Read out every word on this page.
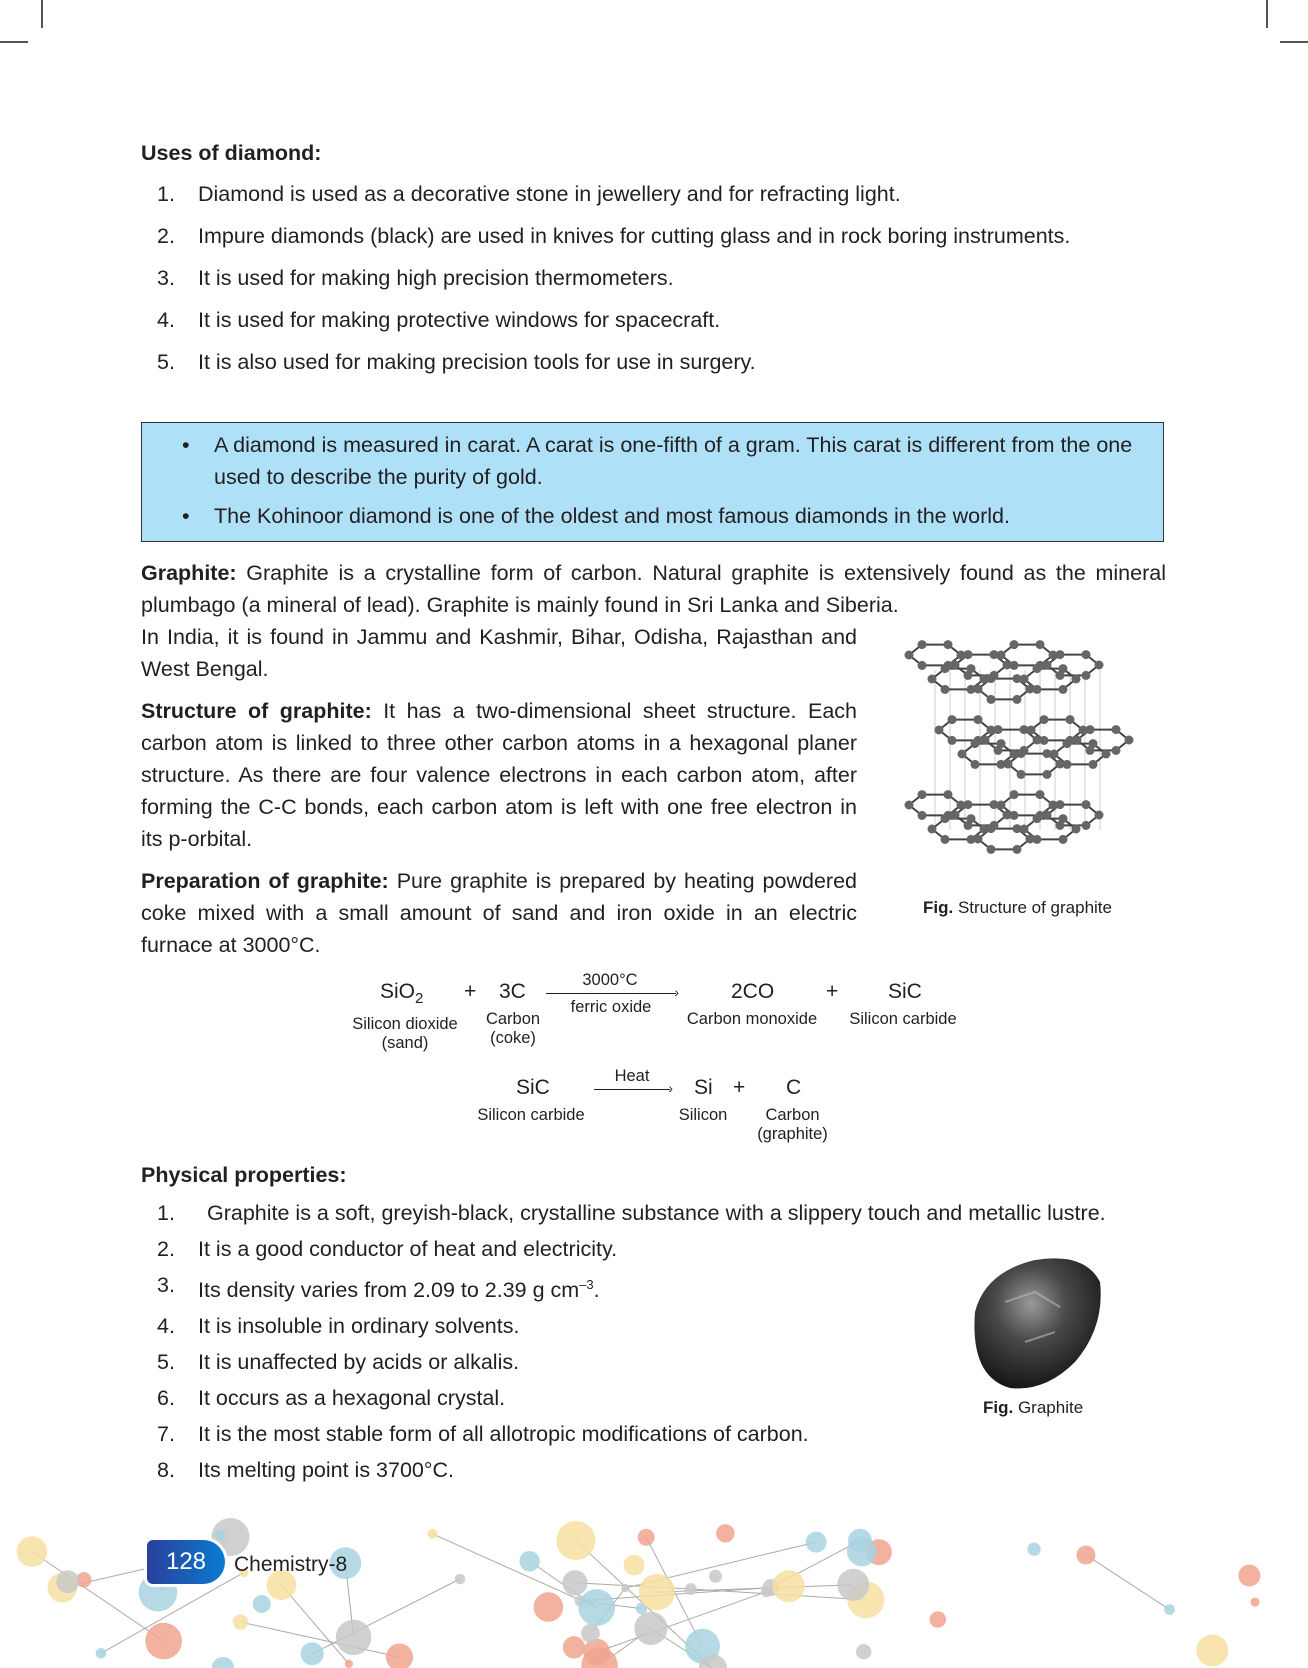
Uses of diamond:
1. Diamond is used as a decorative stone in jewellery and for refracting light.
2. Impure diamonds (black) are used in knives for cutting glass and in rock boring instruments.
3. It is used for making high precision thermometers.
4. It is used for making protective windows for spacecraft.
5. It is also used for making precision tools for use in surgery.
• A diamond is measured in carat. A carat is one-fifth of a gram. This carat is different from the one used to describe the purity of gold.
• The Kohinoor diamond is one of the oldest and most famous diamonds in the world.

Graphite: Graphite is a crystalline form of carbon. Natural graphite is extensively found as the mineral plumbago (a mineral of lead). Graphite is mainly found in Sri Lanka and Siberia.

In India, it is found in Jammu and Kashmir, Bihar, Odisha, Rajasthan and West Bengal.

Structure of graphite: It has a two-dimensional sheet structure. Each carbon atom is linked to three other carbon atoms in a hexagonal planer structure. As there are four valence electrons in each carbon atom, after forming the C-C bonds, each carbon atom is left with one free electron in its p-orbital.

Preparation of graphite: Pure graphite is prepared by heating powdered coke mixed with a small amount of sand and iron oxide in an electric furnace at 3000°C.

Fig. Structure of graphite
SiO$_2$
Silicon dioxide
(sand)
+ 3C
Carbon
(coke)
3000°C
›
ferric oxide
2CO
Carbon monoxide
+ SiC
Silicon carbide
SiC
Silicon carbide
Heat
› Si
Silicon
+ C
Carbon
(graphite)
Physical properties:
1. Graphite is a soft, greyish-black, crystalline substance with a slippery touch and metallic lustre.
2. It is a good conductor of heat and electricity.
3. Its density varies from 2.09 to 2.39 g $cm^{-3}$.
4. It is insoluble in ordinary solvents.
5. It is unaffected by acids or alkalis.
6. It occurs as a hexagonal crystal.
7. It is the most stable form of all allotropic modifications of carbon.
8. Its melting point is 3700°C.
Fig. Graphite
128	Chemistry-8
